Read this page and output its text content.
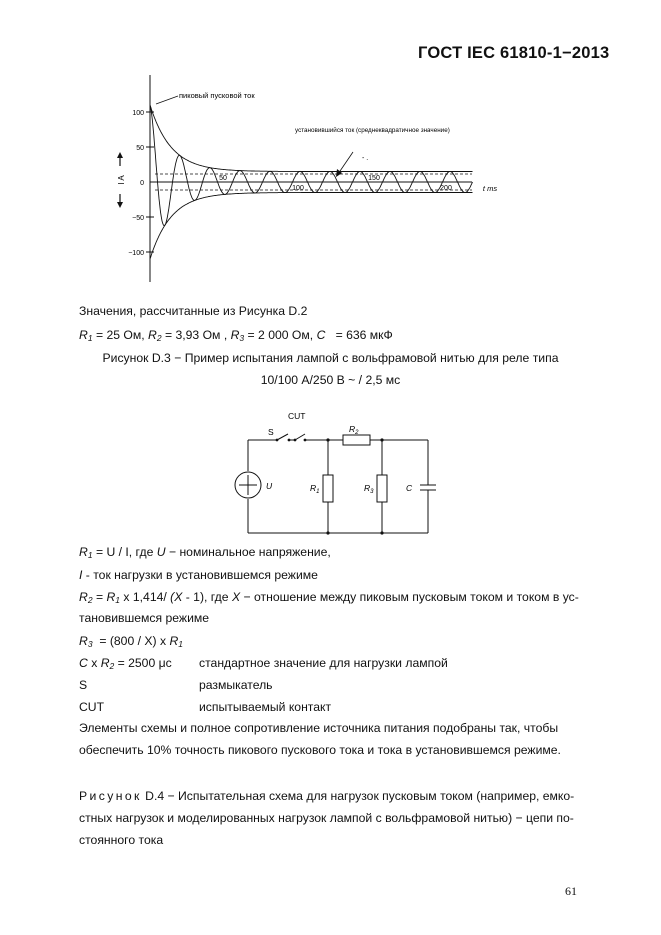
ГОСТ IEC 61810-1−2013
100
50
0
−50
−100
I A	50
100
150
200	t ms
пиковый пусковой ток
установившийся ток (среднеквадратичное значение)
- .
Значения, рассчитанные из Рисунка D.2
R1 = 25 Ом, R2 = 3,93 Ом , R3 = 2 000 Ом, C = 636 мкФ
Рисунок D.3 − Пример испытания лампой с вольфрамовой нитью для реле типа
10/100 А/250 В ~ / 2,5 мс
CUT
S	$R_2$
U	$R_1$	$R_3$	C
R1 = U / I, где U − номинальное напряжение,
I - ток нагрузки в установившемся режиме
R2 = R1 x 1,414/ (X - 1), где X − отношение между пиковым пусковым током и током в ус-
тановившемся режиме
R3 = (800 / X) x R1
C x R2 = 2500 μс стандартное значение для нагрузки лампой
S	размыкатель
CUT	испытываемый контакт
Элементы схемы и полное сопротивление источника питания подобраны так, чтобы
обеспечить 10% точность пикового пускового тока и тока в установившемся режиме.
Рисунок D.4 − Испытательная схема для нагрузок пусковым током (например, емко-
стных нагрузок и моделированных нагрузок лампой с вольфрамовой нитью) − цепи по-
стоянного тока
61
